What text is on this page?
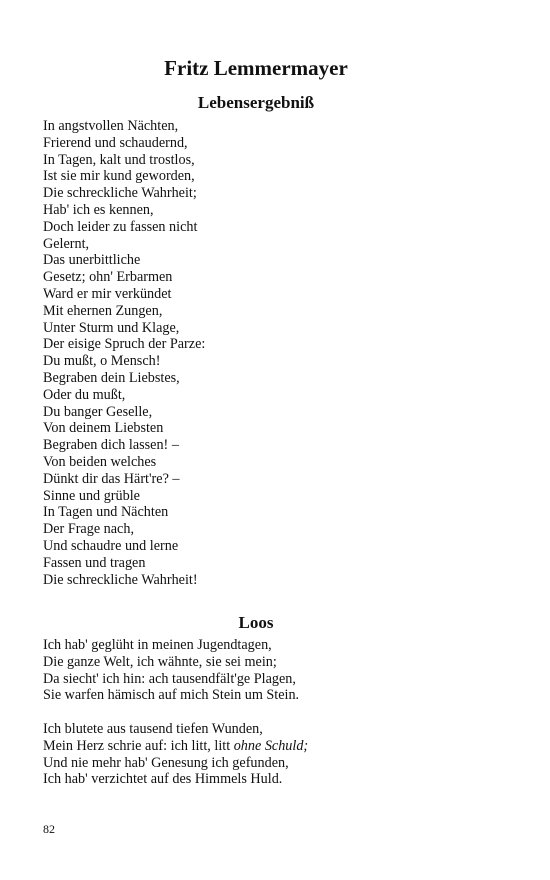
Fritz Lemmermayer
Lebensergebniß
In angstvollen Nächten,
Frierend und schaudernd,
In Tagen, kalt und trostlos,
Ist sie mir kund geworden,
Die schreckliche Wahrheit;
Hab' ich es kennen,
Doch leider zu fassen nicht
Gelernt,
Das unerbittliche
Gesetz; ohn' Erbarmen
Ward er mir verkündet
Mit ehernen Zungen,
Unter Sturm und Klage,
Der eisige Spruch der Parze:
Du mußt, o Mensch!
Begraben dein Liebstes,
Oder du mußt,
Du banger Geselle,
Von deinem Liebsten
Begraben dich lassen! –
Von beiden welches
Dünkt dir das Härt're? –
Sinne und grüble
In Tagen und Nächten
Der Frage nach,
Und schaudre und lerne
Fassen und tragen
Die schreckliche Wahrheit!
Loos
Ich hab' geglüht in meinen Jugendtagen,
Die ganze Welt, ich wähnte, sie sei mein;
Da siecht' ich hin: ach tausendfält'ge Plagen,
Sie warfen hämisch auf mich Stein um Stein.
Ich blutete aus tausend tiefen Wunden,
Mein Herz schrie auf: ich litt, litt ohne Schuld;
Und nie mehr hab' Genesung ich gefunden,
Ich hab' verzichtet auf des Himmels Huld.
82
